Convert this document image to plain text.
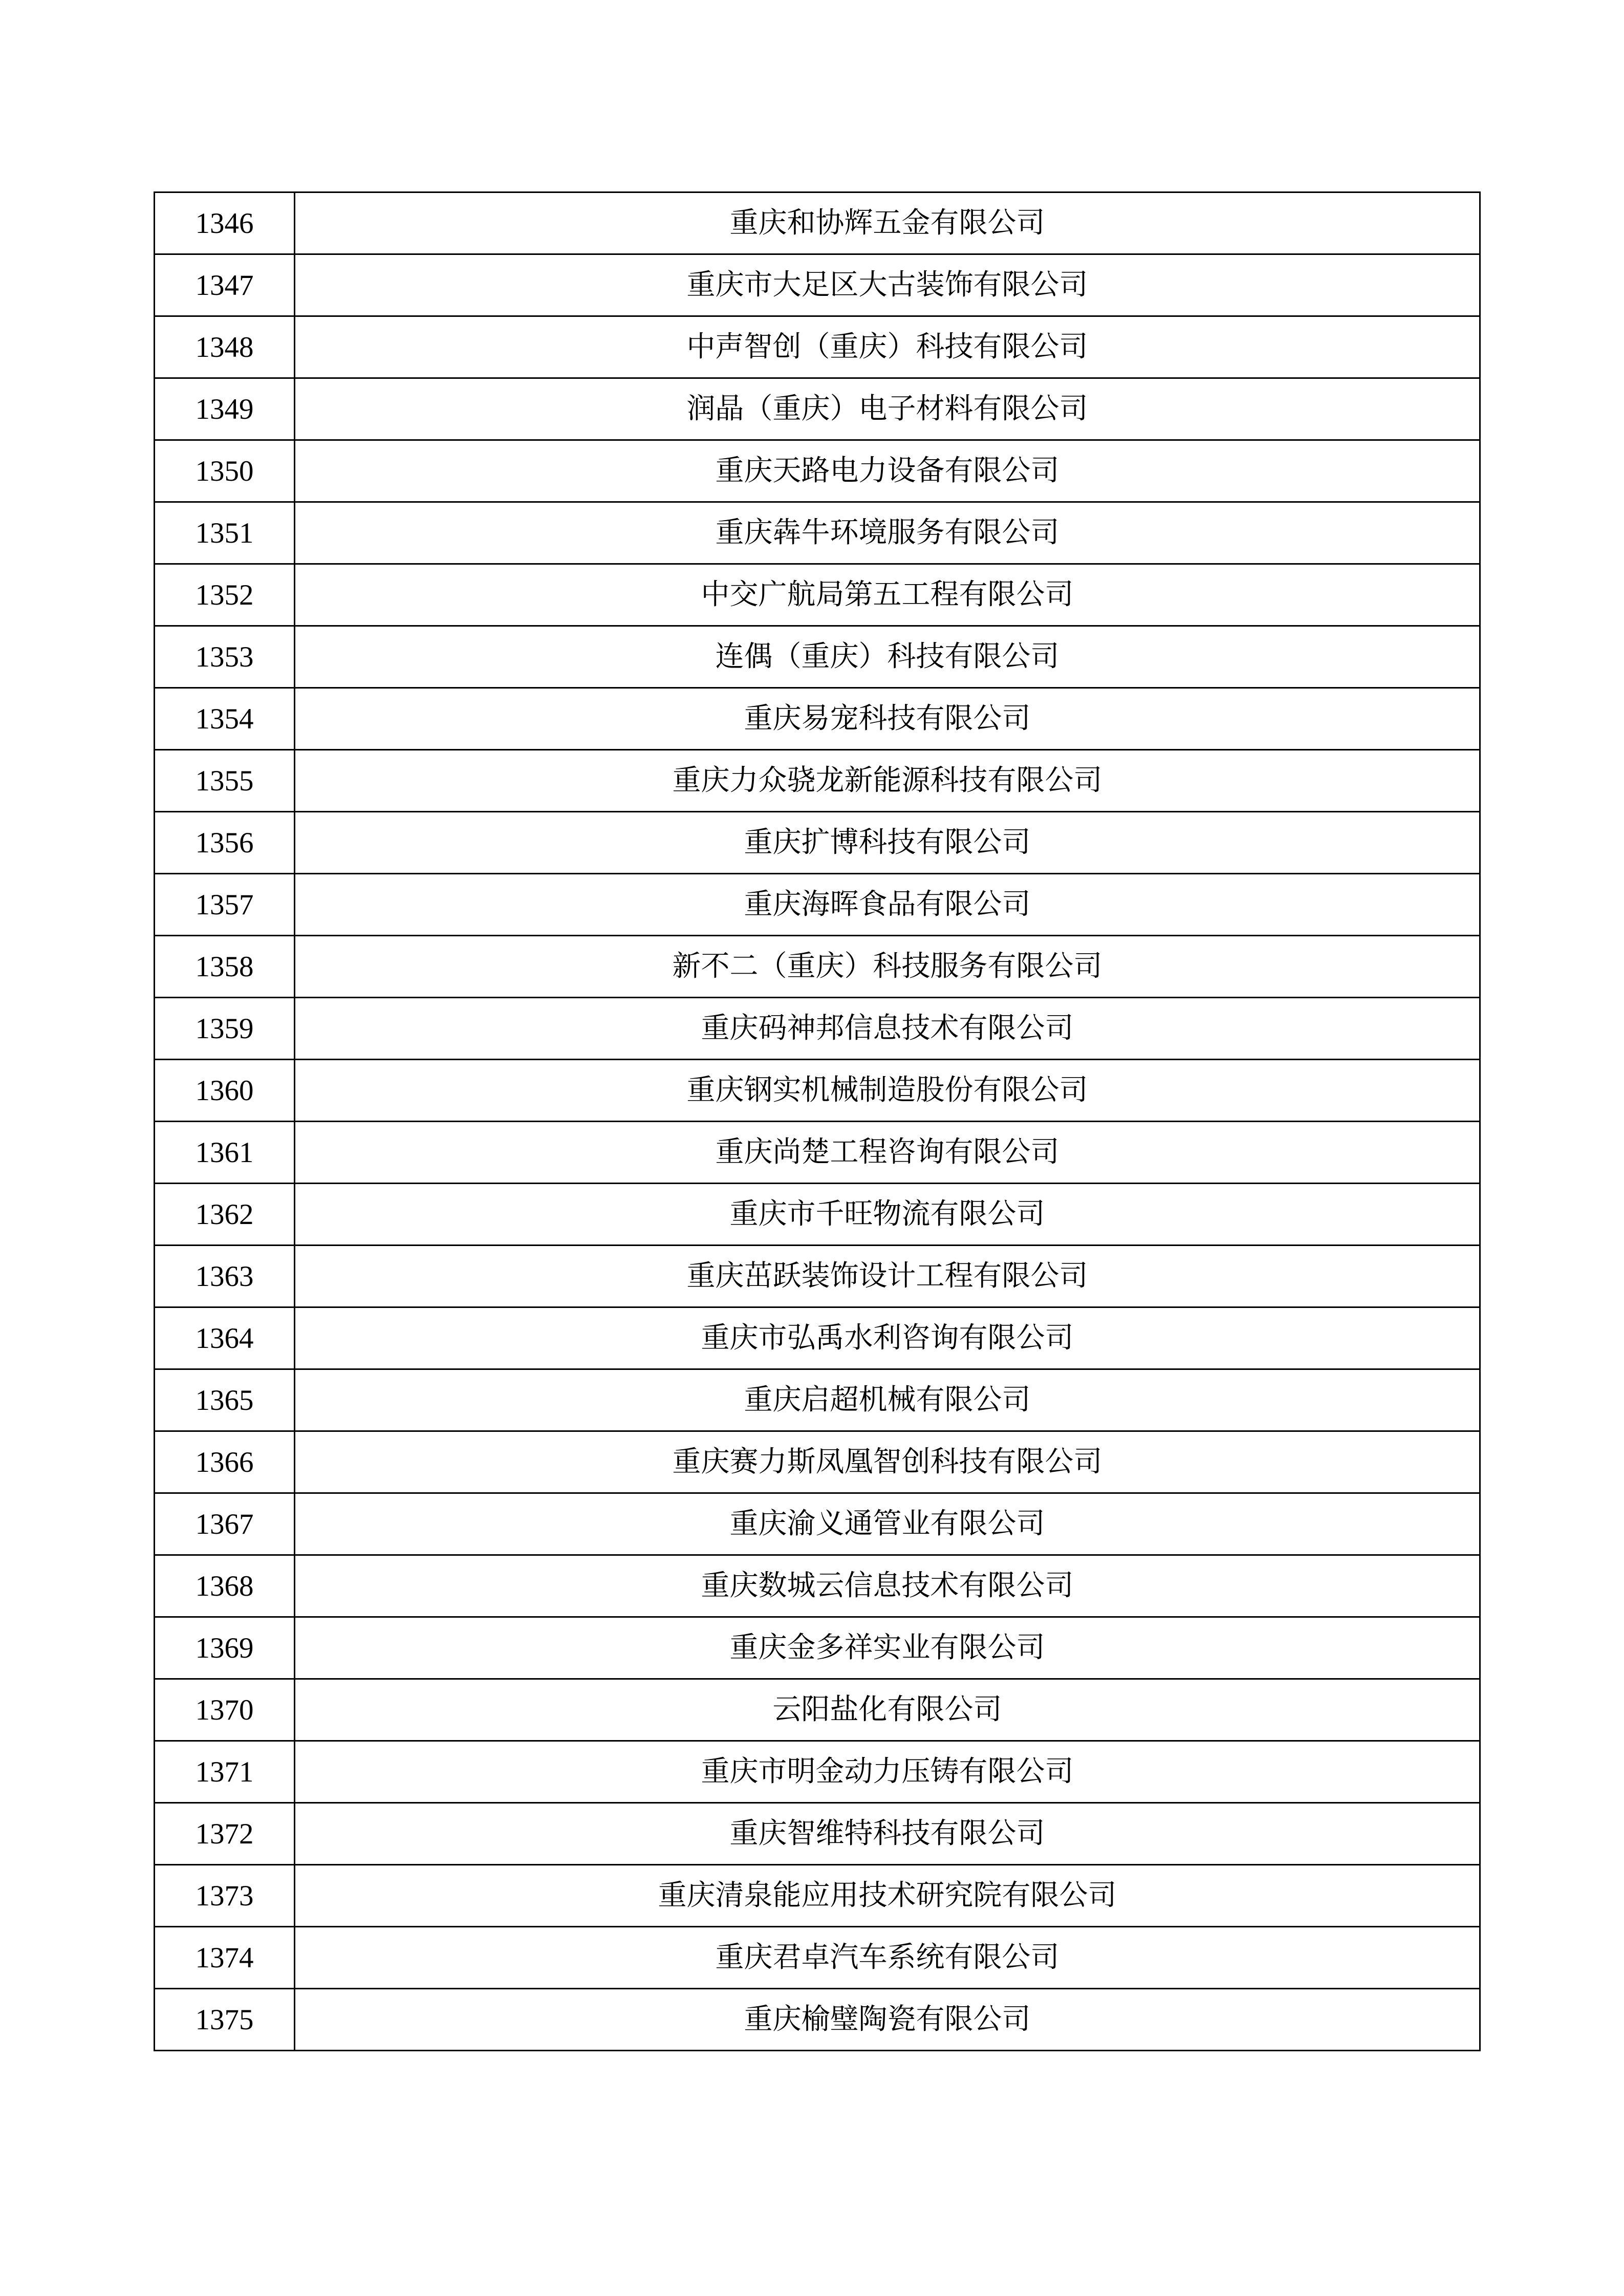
1346	重庆和协辉五金有限公司
1347	重庆市大足区大古装饰有限公司
1348	中声智创（重庆）科技有限公司
1349	润晶（重庆）电子材料有限公司
1350	重庆天路电力设备有限公司
1351	重庆犇牛环境服务有限公司
1352	中交广航局第五工程有限公司
1353	连偶（重庆）科技有限公司
1354	重庆易宠科技有限公司
1355	重庆力众骁龙新能源科技有限公司
1356	重庆扩博科技有限公司
1357	重庆海晖食品有限公司
1358	新不二（重庆）科技服务有限公司
1359	重庆码神邦信息技术有限公司
1360	重庆钢实机械制造股份有限公司
1361	重庆尚楚工程咨询有限公司
1362	重庆市千旺物流有限公司
1363	重庆茁跃装饰设计工程有限公司
1364	重庆市弘禹水利咨询有限公司
1365	重庆启超机械有限公司
1366	重庆赛力斯凤凰智创科技有限公司
1367	重庆渝义通管业有限公司
1368	重庆数城云信息技术有限公司
1369	重庆金多祥实业有限公司
1370	云阳盐化有限公司
1371	重庆市明金动力压铸有限公司
1372	重庆智维特科技有限公司
1373	重庆清泉能应用技术研究院有限公司
1374	重庆君卓汽车系统有限公司
1375	重庆榆璧陶瓷有限公司
